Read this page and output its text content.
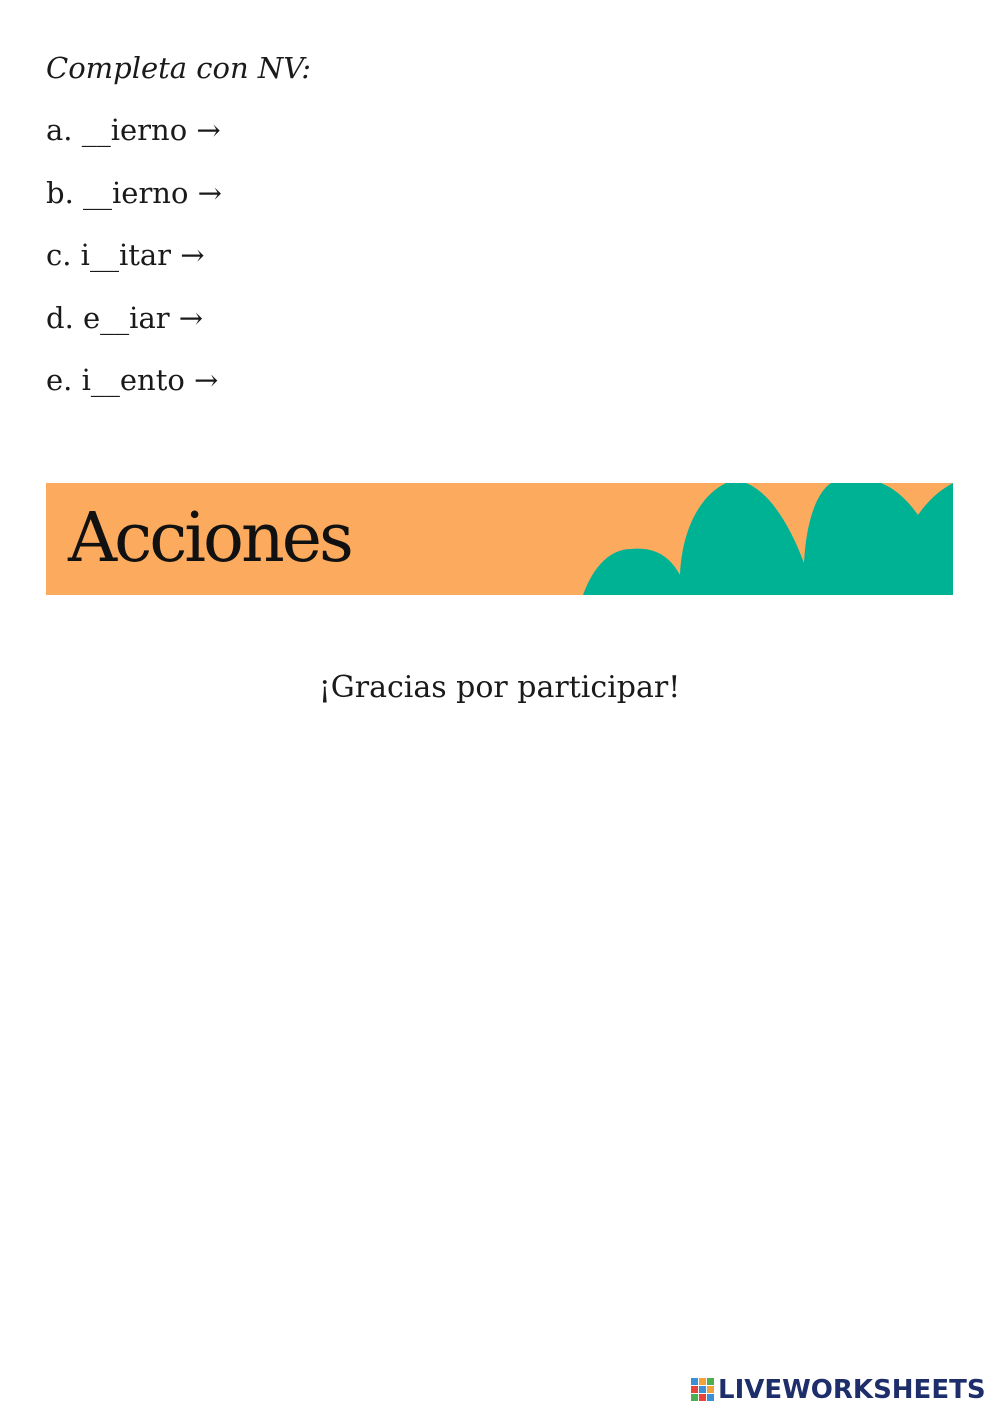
Completa con NV:

a. __ierno →
b. __ierno →
c. i__itar →
d. e__iar →
e. i__ento →
Acciones

¡Gracias por participar!

LIVEWORKSHEETS
